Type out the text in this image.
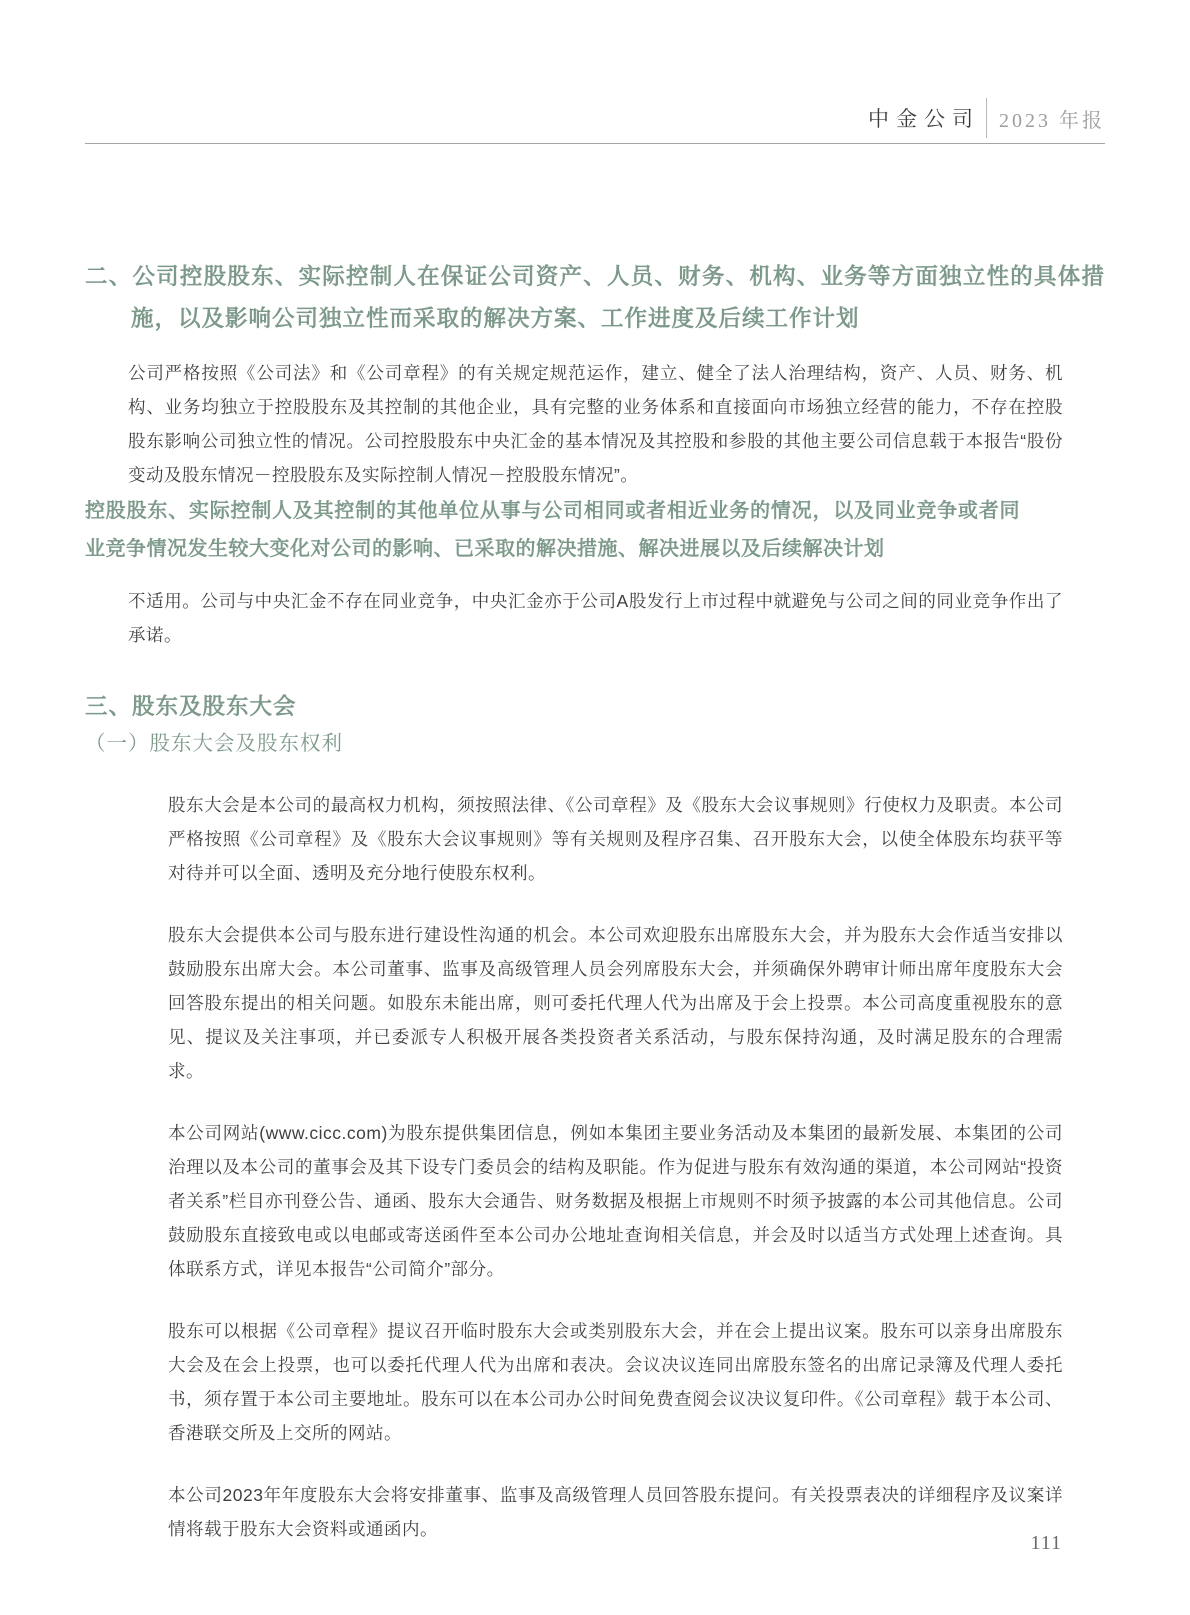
中金公司 2023 年报
二、公司控股股东、实际控制人在保证公司资产、人员、财务、机构、业务等方面独立性的具体措施，以及影响公司独立性而采取的解决方案、工作进度及后续工作计划

公司严格按照《公司法》和《公司章程》的有关规定规范运作，建立、健全了法人治理结构，资产、人员、财务、机构、业务均独立于控股股东及其控制的其他企业，具有完整的业务体系和直接面向市场独立经营的能力，不存在控股股东影响公司独立性的情况。公司控股股东中央汇金的基本情况及其控股和参股的其他主要公司信息载于本报告“股份变动及股东情况－控股股东及实际控制人情况－控股股东情况”。

控股股东、实际控制人及其控制的其他单位从事与公司相同或者相近业务的情况，以及同业竞争或者同业竞争情况发生较大变化对公司的影响、已采取的解决措施、解决进展以及后续解决计划

不适用。公司与中央汇金不存在同业竞争，中央汇金亦于公司A股发行上市过程中就避免与公司之间的同业竞争作出了承诺。

三、股东及股东大会
（一）股东大会及股东权利

股东大会是本公司的最高权力机构，须按照法律、《公司章程》及《股东大会议事规则》行使权力及职责。本公司严格按照《公司章程》及《股东大会议事规则》等有关规则及程序召集、召开股东大会，以使全体股东均获平等对待并可以全面、透明及充分地行使股东权利。

股东大会提供本公司与股东进行建设性沟通的机会。本公司欢迎股东出席股东大会，并为股东大会作适当安排以鼓励股东出席大会。本公司董事、监事及高级管理人员会列席股东大会，并须确保外聘审计师出席年度股东大会回答股东提出的相关问题。如股东未能出席，则可委托代理人代为出席及于会上投票。本公司高度重视股东的意见、提议及关注事项，并已委派专人积极开展各类投资者关系活动，与股东保持沟通，及时满足股东的合理需求。

本公司网站(www.cicc.com)为股东提供集团信息，例如本集团主要业务活动及本集团的最新发展、本集团的公司治理以及本公司的董事会及其下设专门委员会的结构及职能。作为促进与股东有效沟通的渠道，本公司网站“投资者关系”栏目亦刊登公告、通函、股东大会通告、财务数据及根据上市规则不时须予披露的本公司其他信息。公司鼓励股东直接致电或以电邮或寄送函件至本公司办公地址查询相关信息，并会及时以适当方式处理上述查询。具体联系方式，详见本报告“公司简介”部分。

股东可以根据《公司章程》提议召开临时股东大会或类别股东大会，并在会上提出议案。股东可以亲身出席股东大会及在会上投票，也可以委托代理人代为出席和表决。会议决议连同出席股东签名的出席记录簿及代理人委托书，须存置于本公司主要地址。股东可以在本公司办公时间免费查阅会议决议复印件。《公司章程》载于本公司、香港联交所及上交所的网站。

本公司2023年年度股东大会将安排董事、监事及高级管理人员回答股东提问。有关投票表决的详细程序及议案详情将载于股东大会资料或通函内。

111
